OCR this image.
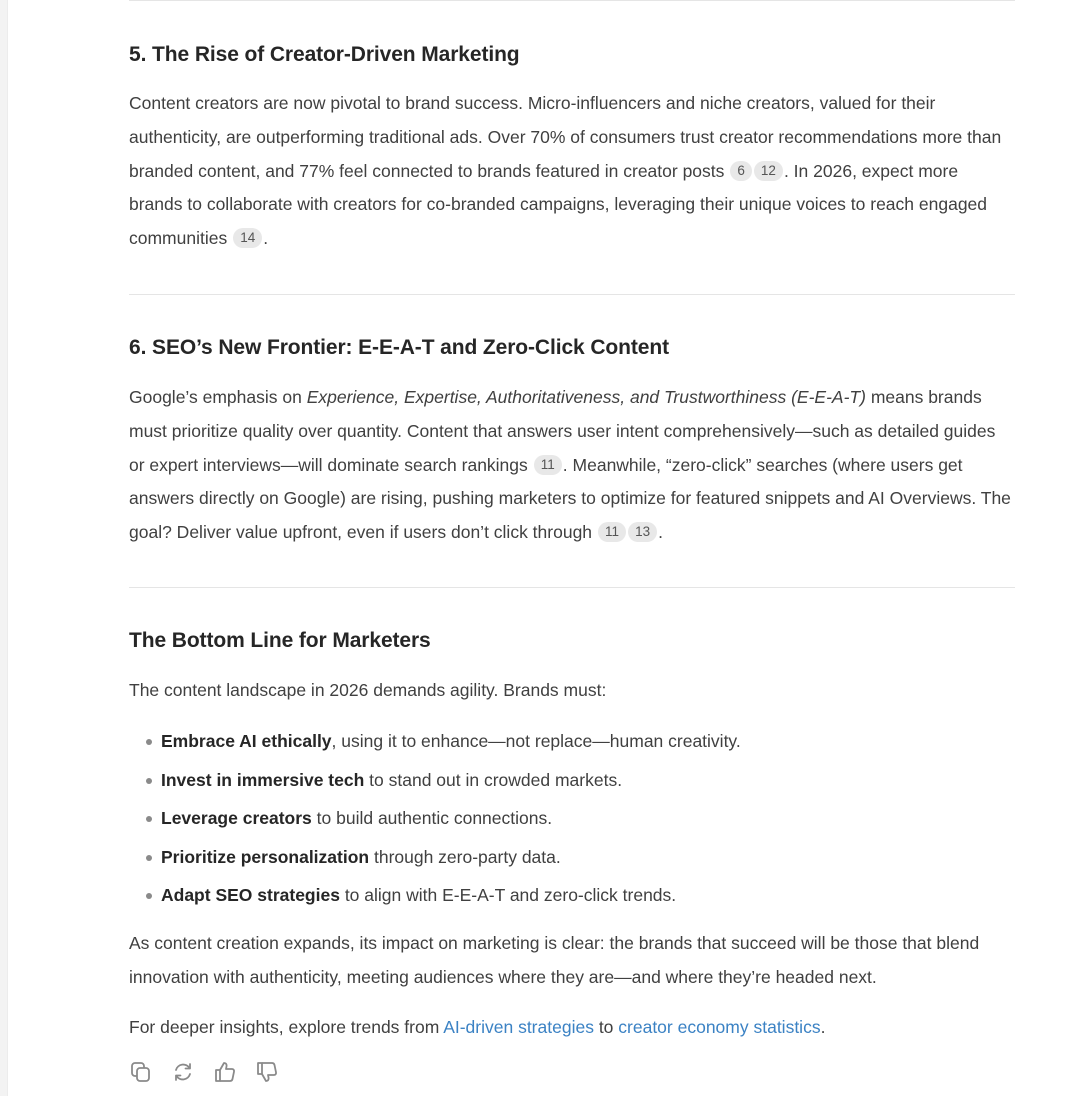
5. The Rise of Creator-Driven Marketing

Content creators are now pivotal to brand success. Micro-influencers and niche creators, valued for their authenticity, are outperforming traditional ads. Over 70% of consumers trust creator recommendations more than branded content, and 77% feel connected to brands featured in creator posts 6 12 . In 2026, expect more brands to collaborate with creators for co-branded campaigns, leveraging their unique voices to reach engaged communities 14 .

6. SEO’s New Frontier: E-E-A-T and Zero-Click Content

Google’s emphasis on Experience, Expertise, Authoritativeness, and Trustworthiness (E-E-A-T) means brands must prioritize quality over quantity. Content that answers user intent comprehensively—such as detailed guides or expert interviews—will dominate search rankings 11 . Meanwhile, “zero-click” searches (where users get answers directly on Google) are rising, pushing marketers to optimize for featured snippets and AI Overviews. The goal? Deliver value upfront, even if users don’t click through 11 13 .

The Bottom Line for Marketers

The content landscape in 2026 demands agility. Brands must:

Embrace AI ethically, using it to enhance—not replace—human creativity.
Invest in immersive tech to stand out in crowded markets.
Leverage creators to build authentic connections.
Prioritize personalization through zero-party data.
Adapt SEO strategies to align with E-E-A-T and zero-click trends.

As content creation expands, its impact on marketing is clear: the brands that succeed will be those that blend innovation with authenticity, meeting audiences where they are—and where they’re headed next.

For deeper insights, explore trends from AI-driven strategies to creator economy statistics.
